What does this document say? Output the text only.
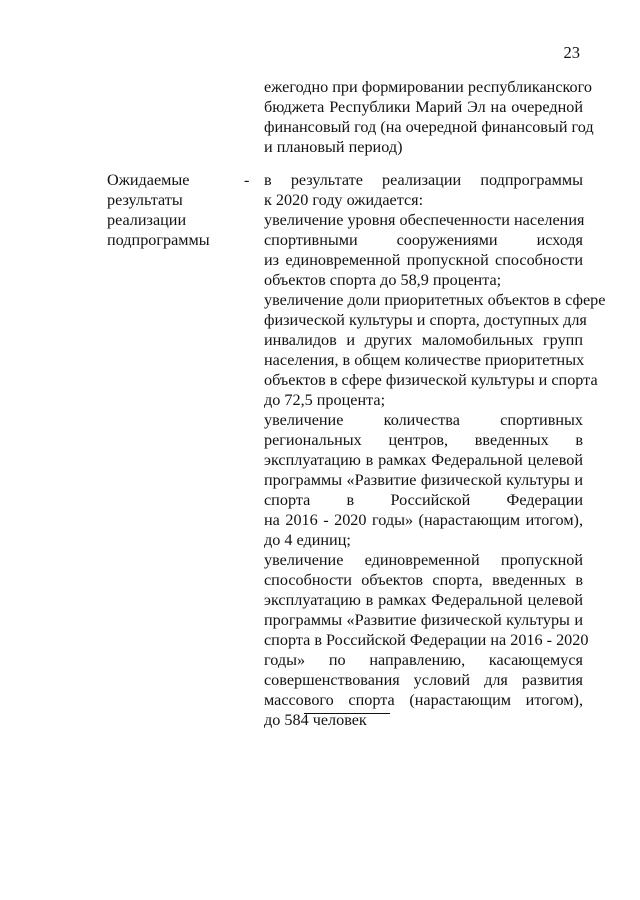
23
ежегодно при формировании республиканского
бюджета Республики Марий Эл на очередной
финансовый год (на очередной финансовый год
и плановый период)
Ожидаемые
результаты
реализации
подпрограммы
- в результате реализации подпрограммы
к 2020 году ожидается:
увеличение уровня обеспеченности населения
спортивными сооружениями исходя
из единовременной пропускной способности
объектов спорта до 58,9 процента;
увеличение доли приоритетных объектов в сфере
физической культуры и спорта, доступных для
инвалидов и других маломобильных групп
населения, в общем количестве приоритетных
объектов в сфере физической культуры и спорта
до 72,5 процента;
увеличение количества спортивных
региональных центров, введенных в
эксплуатацию в рамках Федеральной целевой
программы «Развитие физической культуры и
спорта в Российской Федерации
на 2016 - 2020 годы» (нарастающим итогом),
до 4 единиц;
увеличение единовременной пропускной
способности объектов спорта, введенных в
эксплуатацию в рамках Федеральной целевой
программы «Развитие физической культуры и
спорта в Российской Федерации на 2016 - 2020
годы» по направлению, касающемуся
совершенствования условий для развития
массового спорта (нарастающим итогом),
до 584 человек
